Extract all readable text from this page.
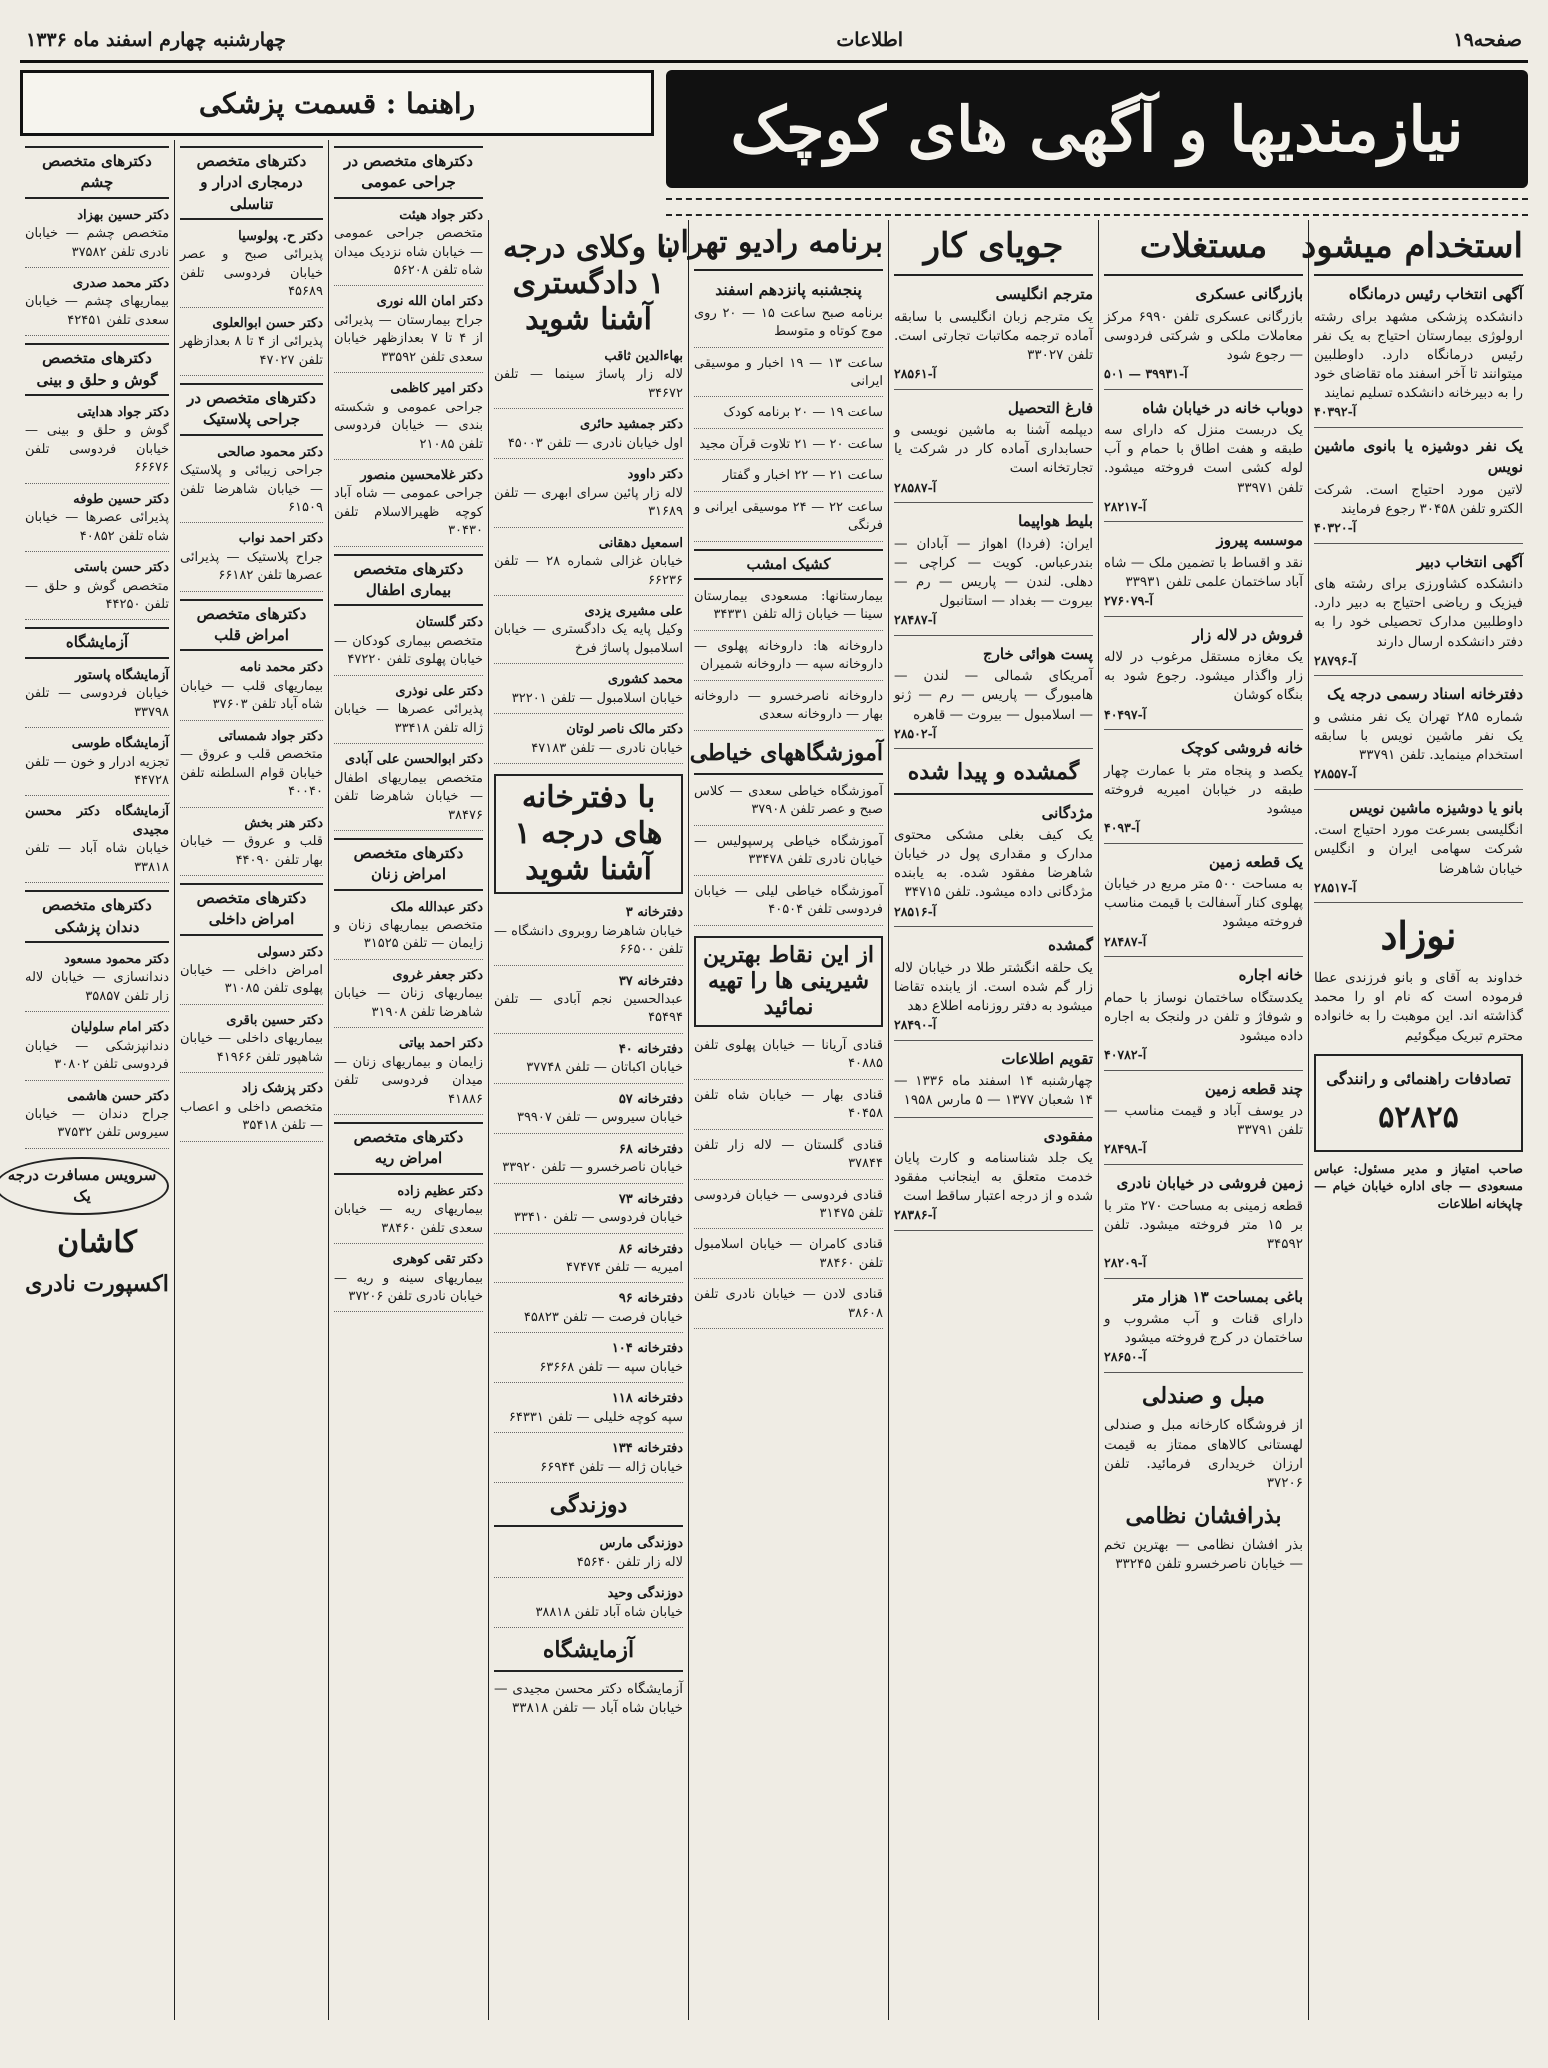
صفحه۱۹
اطلاعات
چهارشنبه چهارم اسفند ماه ۱۳۳۶
نیازمندیها و آگهی های کوچک
راهنما : قسمت پزشکی
استخدام میشود
آگهی انتخاب رئیس درمانگاه
دانشکده پزشکی مشهد برای رشته ارولوژی بیمارستان احتیاج به یک نفر رئیس درمانگاه دارد. داوطلبین میتوانند تا آخر اسفند ماه تقاضای خود را به دبیرخانه دانشکده تسلیم نمایند
آ-۴۰۳۹۲
یک نفر دوشیزه یا بانوی ماشین نویس
لاتین مورد احتیاج است. شرکت الکترو تلفن ۳۰۴۵۸ رجوع فرمایند
آ-۴۰۳۲۰
آگهی انتخاب دبیر
دانشکده کشاورزی برای رشته های فیزیک و ریاضی احتیاج به دبیر دارد. داوطلبین مدارک تحصیلی خود را به دفتر دانشکده ارسال دارند
آ-۲۸۷۹۶
دفترخانه اسناد رسمی درجه یک
شماره ۲۸۵ تهران یک نفر منشی و یک نفر ماشین نویس با سابقه استخدام مینماید. تلفن ۳۳۷۹۱
آ-۲۸۵۵۷
بانو یا دوشیزه ماشین نویس
انگلیسی بسرعت مورد احتیاج است. شرکت سهامی ایران و انگلیس خیابان شاهرضا
آ-۲۸۵۱۷
نوزاد
خداوند به آقای و بانو فرزندی عطا فرموده است که نام او را محمد گذاشته اند. این موهبت را به خانواده محترم تبریک میگوئیم
تصادفات راهنمائی و رانندگی
۵۲۸۲۵
صاحب امتیاز و مدیر مسئول: عباس مسعودی — جای اداره خیابان خیام — چاپخانه اطلاعات
مستغلات
بازرگانی عسکری
بازرگانی عسکری تلفن ۶۹۹۰ مرکز معاملات ملکی و شرکتی فردوسی — رجوع شود
آ-۳۹۹۳۱ — ۵۰۱
دوباب خانه در خیابان شاه
یک دربست منزل که دارای سه طبقه و هفت اطاق با حمام و آب لوله کشی است فروخته میشود. تلفن ۳۳۹۷۱
آ-۲۸۲۱۷
موسسه پیروز
نقد و اقساط با تضمین ملک — شاه آباد ساختمان علمی تلفن ۳۳۹۳۱
آ-۲۷۶۰۷۹
فروش در لاله زار
یک مغازه مستقل مرغوب در لاله زار واگذار میشود. رجوع شود به بنگاه کوشان
آ-۴۰۴۹۷
خانه فروشی کوچک
یکصد و پنجاه متر با عمارت چهار طبقه در خیابان امیریه فروخته میشود
آ-۴۰۹۳
یک قطعه زمین
به مساحت ۵۰۰ متر مربع در خیابان پهلوی کنار آسفالت با قیمت مناسب فروخته میشود
آ-۲۸۴۸۷
خانه اجاره
یکدستگاه ساختمان نوساز با حمام و شوفاژ و تلفن در ولنجک به اجاره داده میشود
آ-۴۰۷۸۲
چند قطعه زمین
در یوسف آباد و قیمت مناسب — تلفن ۳۳۷۹۱
آ-۲۸۴۹۸
زمین فروشی در خیابان نادری
قطعه زمینی به مساحت ۲۷۰ متر با بر ۱۵ متر فروخته میشود. تلفن ۳۴۵۹۲
آ-۲۸۲۰۹
باغی بمساحت ۱۳ هزار متر
دارای قنات و آب مشروب و ساختمان در کرج فروخته میشود
آ-۲۸۶۵۰
مبل و صندلی
از فروشگاه کارخانه مبل و صندلی لهستانی کالاهای ممتاز به قیمت ارزان خریداری فرمائید. تلفن ۳۷۲۰۶
بذرافشان نظامی
بذر افشان نظامی — بهترین تخم — خیابان ناصرخسرو تلفن ۳۳۲۴۵
جویای کار
مترجم انگلیسی
یک مترجم زبان انگلیسی با سابقه آماده ترجمه مکاتبات تجارتی است. تلفن ۳۳۰۲۷
آ-۲۸۵۶۱
فارغ التحصیل
دیپلمه آشنا به ماشین نویسی و حسابداری آماده کار در شرکت یا تجارتخانه است
آ-۲۸۵۸۷
بلیط هواپیما
ایران: (فردا) اهواز — آبادان — بندرعباس. کویت — کراچی — دهلی. لندن — پاریس — رم — بیروت — بغداد — استانبول
آ-۲۸۴۸۷
پست هوائی خارج
آمریکای شمالی — لندن — هامبورگ — پاریس — رم — ژنو — اسلامبول — بیروت — قاهره
آ-۲۸۵۰۲
گمشده و پیدا شده
مژدگانی
یک کیف بغلی مشکی محتوی مدارک و مقداری پول در خیابان شاهرضا مفقود شده. به یابنده مژدگانی داده میشود. تلفن ۳۴۷۱۵
آ-۲۸۵۱۶
گمشده
یک حلقه انگشتر طلا در خیابان لاله زار گم شده است. از یابنده تقاضا میشود به دفتر روزنامه اطلاع دهد
آ-۲۸۴۹۰
تقویم اطلاعات
چهارشنبه ۱۴ اسفند ماه ۱۳۳۶ — ۱۴ شعبان ۱۳۷۷ — ۵ مارس ۱۹۵۸
مفقودی
یک جلد شناسنامه و کارت پایان خدمت متعلق به اینجانب مفقود شده و از درجه اعتبار ساقط است
آ-۲۸۳۸۶
برنامه رادیو تهران
پنجشنبه پانزدهم اسفند
برنامه صبح ساعت ۱۵ — ۲۰ روی موج کوتاه و متوسط
ساعت ۱۳ — ۱۹ اخبار و موسیقی ایرانی
ساعت ۱۹ — ۲۰ برنامه کودک
ساعت ۲۰ — ۲۱ تلاوت قرآن مجید
ساعت ۲۱ — ۲۲ اخبار و گفتار
ساعت ۲۲ — ۲۴ موسیقی ایرانی و فرنگی
کشیک امشب
بیمارستانها: مسعودی بیمارستان سینا — خیابان ژاله تلفن ۳۴۳۳۱
داروخانه ها: داروخانه پهلوی — داروخانه سپه — داروخانه شمیران
داروخانه ناصرخسرو — داروخانه بهار — داروخانه سعدی
آموزشگاههای خیاطی
آموزشگاه خیاطی سعدی — کلاس صبح و عصر تلفن ۳۷۹۰۸
آموزشگاه خیاطی پرسپولیس — خیابان نادری تلفن ۳۳۴۷۸
آموزشگاه خیاطی لیلی — خیابان فردوسی تلفن ۴۰۵۰۴
از این نقاط بهترین شیرینی ها را تهیه نمائید
قنادی آریانا — خیابان پهلوی تلفن ۴۰۸۸۵
قنادی بهار — خیابان شاه تلفن ۴۰۴۵۸
قنادی گلستان — لاله زار تلفن ۳۷۸۴۴
قنادی فردوسی — خیابان فردوسی تلفن ۳۱۴۷۵
قنادی کامران — خیابان اسلامبول تلفن ۳۸۴۶۰
قنادی لادن — خیابان نادری تلفن ۳۸۶۰۸
با وکلای درجه ۱ دادگستری آشنا شوید
بهاءالدین ثاقب
لاله زار پاساژ سینما — تلفن ۳۴۶۷۲
دکتر جمشید حائری
اول خیابان نادری — تلفن ۴۵۰۰۳
دکتر داوود
لاله زار پائین سرای ابهری — تلفن ۳۱۶۸۹
اسمعیل دهقانی
خیابان غزالی شماره ۲۸ — تلفن ۶۶۲۳۶
علی مشیری یزدی
وکیل پایه یک دادگستری — خیابان اسلامبول پاساژ فرخ
محمد کشوری
خیابان اسلامبول — تلفن ۳۲۲۰۱
دکتر مالک ناصر لوتان
خیابان نادری — تلفن ۴۷۱۸۳
با دفترخانه های درجه ۱ آشنا شوید
دفترخانه ۳
خیابان شاهرضا روبروی دانشگاه — تلفن ۶۶۵۰۰
دفترخانه ۳۷
عبدالحسین نجم آبادی — تلفن ۴۵۴۹۴
دفترخانه ۴۰
خیابان اکباتان — تلفن ۳۷۷۴۸
دفترخانه ۵۷
خیابان سیروس — تلفن ۳۹۹۰۷
دفترخانه ۶۸
خیابان ناصرخسرو — تلفن ۳۳۹۲۰
دفترخانه ۷۳
خیابان فردوسی — تلفن ۳۳۴۱۰
دفترخانه ۸۶
امیریه — تلفن ۴۷۴۷۴
دفترخانه ۹۶
خیابان فرصت — تلفن ۴۵۸۲۳
دفترخانه ۱۰۴
خیابان سپه — تلفن ۶۳۶۶۸
دفترخانه ۱۱۸
سپه کوچه خلیلی — تلفن ۶۴۳۳۱
دفترخانه ۱۳۴
خیابان ژاله — تلفن ۶۶۹۴۴
دوزندگی
دوزندگی مارس
لاله زار تلفن ۴۵۶۴۰
دوزندگی وحید
خیابان شاه آباد تلفن ۳۸۸۱۸
آزمایشگاه
آزمایشگاه دکتر محسن مجیدی — خیابان شاه آباد — تلفن ۳۳۸۱۸
دکترهای متخصص در جراحی عمومی
دکتر جواد هیئت
متخصص جراحی عمومی — خیابان شاه نزدیک میدان شاه تلفن ۵۶۲۰۸
دکتر امان الله نوری
جراح بیمارستان — پذیرائی از ۴ تا ۷ بعدازظهر خیابان سعدی تلفن ۳۳۵۹۲
دکتر امیر کاظمی
جراحی عمومی و شکسته بندی — خیابان فردوسی تلفن ۲۱۰۸۵
دکتر غلامحسین منصور
جراحی عمومی — شاه آباد کوچه ظهیرالاسلام تلفن ۳۰۴۳۰
دکترهای متخصص بیماری اطفال
دکتر گلستان
متخصص بیماری کودکان — خیابان پهلوی تلفن ۴۷۲۲۰
دکتر علی نوذری
پذیرائی عصرها — خیابان ژاله تلفن ۳۳۴۱۸
دکتر ابوالحسن علی آبادی
متخصص بیماریهای اطفال — خیابان شاهرضا تلفن ۳۸۴۷۶
دکترهای متخصص امراض زنان
دکتر عبدالله ملک
متخصص بیماریهای زنان و زایمان — تلفن ۳۱۵۲۵
دکتر جعفر غروی
بیماریهای زنان — خیابان شاهرضا تلفن ۳۱۹۰۸
دکتر احمد بیاتی
زایمان و بیماریهای زنان — میدان فردوسی تلفن ۴۱۸۸۶
دکترهای متخصص امراض ریه
دکتر عظیم زاده
بیماریهای ریه — خیابان سعدی تلفن ۳۸۴۶۰
دکتر تقی کوهری
بیماریهای سینه و ریه — خیابان نادری تلفن ۳۷۲۰۶
دکترهای متخصص درمجاری ادرار و تناسلی
دکتر ح. پولوسیا
پذیرائی صبح و عصر خیابان فردوسی تلفن ۴۵۶۸۹
دکتر حسن ابوالعلوی
پذیرائی از ۴ تا ۸ بعدازظهر تلفن ۴۷۰۲۷
دکترهای متخصص در جراحی پلاستیک
دکتر محمود صالحی
جراحی زیبائی و پلاستیک — خیابان شاهرضا تلفن ۶۱۵۰۹
دکتر احمد نواب
جراح پلاستیک — پذیرائی عصرها تلفن ۶۶۱۸۲
دکترهای متخصص امراض قلب
دکتر محمد نامه
بیماریهای قلب — خیابان شاه آباد تلفن ۳۷۶۰۳
دکتر جواد شمساتی
متخصص قلب و عروق — خیابان قوام السلطنه تلفن ۴۰۰۴۰
دکتر هنر بخش
قلب و عروق — خیابان بهار تلفن ۴۴۰۹۰
دکترهای متخصص امراض داخلی
دکتر دسولی
امراض داخلی — خیابان پهلوی تلفن ۳۱۰۸۵
دکتر حسین باقری
بیماریهای داخلی — خیابان شاهپور تلفن ۴۱۹۶۶
دکتر پزشک زاد
متخصص داخلی و اعصاب — تلفن ۳۵۴۱۸
دکترهای متخصص چشم
دکتر حسین بهزاد
متخصص چشم — خیابان نادری تلفن ۳۷۵۸۲
دکتر محمد صدری
بیماریهای چشم — خیابان سعدی تلفن ۴۲۴۵۱
دکترهای متخصص گوش و حلق و بینی
دکتر جواد هدایتی
گوش و حلق و بینی — خیابان فردوسی تلفن ۶۶۶۷۶
دکتر حسین طوفه
پذیرائی عصرها — خیابان شاه تلفن ۴۰۸۵۲
دکتر حسن باستی
متخصص گوش و حلق — تلفن ۴۴۲۵۰
آزمایشگاه
آزمایشگاه پاستور
خیابان فردوسی — تلفن ۳۳۷۹۸
آزمایشگاه طوسی
تجزیه ادرار و خون — تلفن ۴۴۷۲۸
آزمایشگاه دکتر محسن مجیدی
خیابان شاه آباد — تلفن ۳۳۸۱۸
دکترهای متخصص دندان پزشکی
دکتر محمود مسعود
دندانسازی — خیابان لاله زار تلفن ۳۵۸۵۷
دکتر امام سلولیان
دندانپزشکی — خیابان فردوسی تلفن ۳۰۸۰۲
دکتر حسن هاشمی
جراح دندان — خیابان سیروس تلفن ۳۷۵۳۲
سرویس مسافرت درجه یک
کاشان
اکسپورت نادری
